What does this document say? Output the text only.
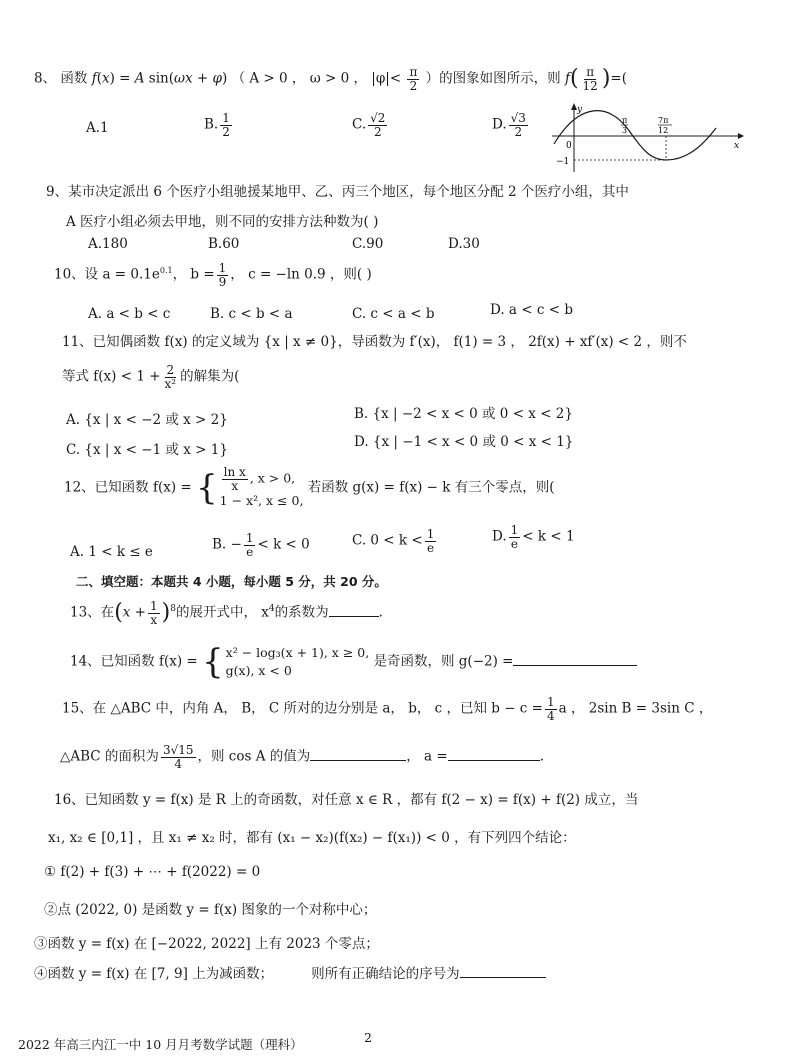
8、 函数 f(x) = A sin(ωx + φ) （ A > 0 ， ω > 0 ， $|\varphi|< \frac{\pi}{2}$ ）的图象如图所示，则 $f( \frac{\pi}{12}$ )=(
A.1	B. $\frac{1}{2}$	C. $\frac{√2}{2}$	D. $\frac{√3}{2}$
y
x
0
−1
π
3
7π
12
9、某市决定派出 6 个医疗小组驰援某地甲、乙、丙三个地区，每个地区分配 2 个医疗小组，其中
A 医疗小组必须去甲地，则不同的安排方法种数为( )
A.180	B.60	C.90	D.30
10、设 $a = 0.1e^{0.1}$， $b = \frac{1}{9}$ ， c = −ln 0.9 ，则( )
A. a < b < c	B. c < b < a	C. c < a < b	D. a < c < b
11、已知偶函数 f(x) 的定义域为 {x | x ≠ 0}，导函数为 f′(x)， f(1) = 3 ， 2f(x) + xf′(x) < 2 ，则不
等式 $f(x) < 1 + \frac{2}{\text{x²}}$ 的解集为(
A. {x | x < −2 或 x > 2}	B. {x | −2 < x < 0 或 0 < x < 2}
C. {x | x < −1 或 x > 1}	D. {x | −1 < x < 0 或 0 < x < 1}
12、已知函数 f(x) = { $\frac{\text{ln x}}{x}$ , x > 0,
1 − x², x ≤ 0,
若函数 g(x) = f(x) − k 有三个零点，则(
A. 1 < k ≤ e	B. − $\frac{1}{e} < k < 0$	C. $0 < k < \frac{1}{e}$	D. $\frac{1}{e} < k < 1$
二、填空题：本题共 4 小题，每小题 5 分，共 20 分。
13、在$(x + \frac{1}{x} )^8$的展开式中， $x^4$的系数为	.
14、已知函数 f(x) = { x² − log₃(x + 1), x ≥ 0,
g(x), x < 0
是奇函数，则 g(−2) =
15、在 △ABC 中，内角 A， B， C 所对的边分别是 a， b， c ，已知 $b - c = \frac{1}{4}$ a ， 2sin B = 3sin C ，
△ABC 的面积为 $\frac{3√15}{4}$ ，则 cos A 的值为	， a =	.
16、已知函数 y = f(x) 是 R 上的奇函数，对任意 x ∈ R ，都有 f(2 − x) = f(x) + f(2) 成立，当
x₁, x₂ ∈ [0,1] ，且 x₁ ≠ x₂ 时，都有 (x₁ − x₂)(f(x₂) − f(x₁)) < 0 ，有下列四个结论：
① f(2) + f(3) + ⋯ + f(2022) = 0
②点 (2022, 0) 是函数 y = f(x) 图象的一个对称中心；
③函数 y = f(x) 在 [−2022, 2022] 上有 2023 个零点；
④函数 y = f(x) 在 [7, 9] 上为减函数；	则所有正确结论的序号为
2022 年高三内江一中 10 月月考数学试题（理科）	2
